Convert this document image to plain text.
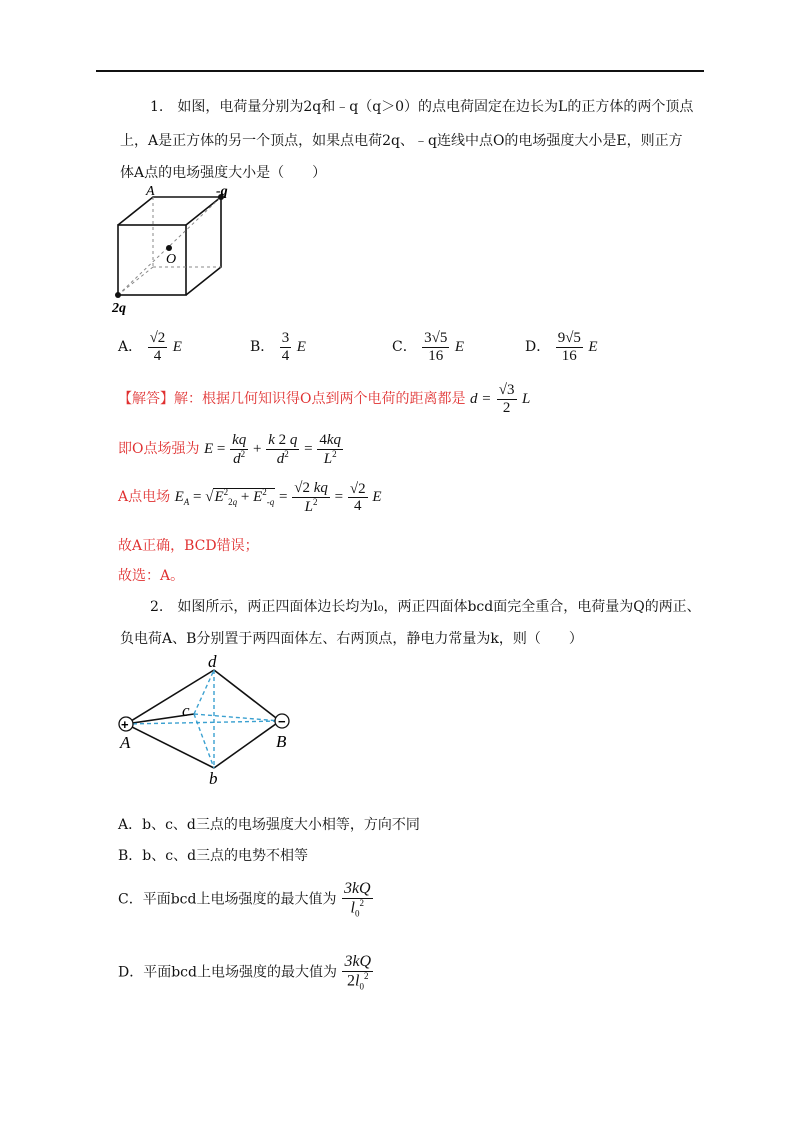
1.　如图，电荷量分别为2q和﹣q（q＞0）的点电荷固定在边长为L的正方体的两个顶点
上，A是正方体的另一个顶点，如果点电荷2q、﹣q连线中点O的电场强度大小是E，则正方
体A点的电场强度大小是（　　）
A	-q
O
2q
A． $\frac{√2}{4}$ E	B． $\frac{3}{4}$ E	C． $\frac{3√5}{16}$ E	D． $\frac{9√5}{16}$ E
【解答】解：根据几何知识得O点到两个电荷的距离都是 $d = \frac{√3}{2}$ L
即O点场强为 $E = \frac{kq}{d^2} + \frac{k 2 q}{d^2} = \frac{4kq}{L^2}$
A点电场 $E_A = √E^2_{2q} + E^2_{-q} = \frac{√2 kq}{L^2} = \frac{√2}{4}$ E
故A正确，BCD错误；
故选：A。
2.　如图所示，两正四面体边长均为l₀，两正四面体bcd面完全重合，电荷量为Q的两正、
负电荷A、B分别置于两四面体左、右两顶点，静电力常量为k，则（　　）
+	−
d
c
A	B
b
A．b、c、d三点的电场强度大小相等，方向不同
B．b、c、d三点的电势不相等
C．平面bcd上电场强度的最大值为 $\frac{3kQ}{l_0^2}$
D．平面bcd上电场强度的最大值为 $\frac{3kQ}{2l_0^2}$
